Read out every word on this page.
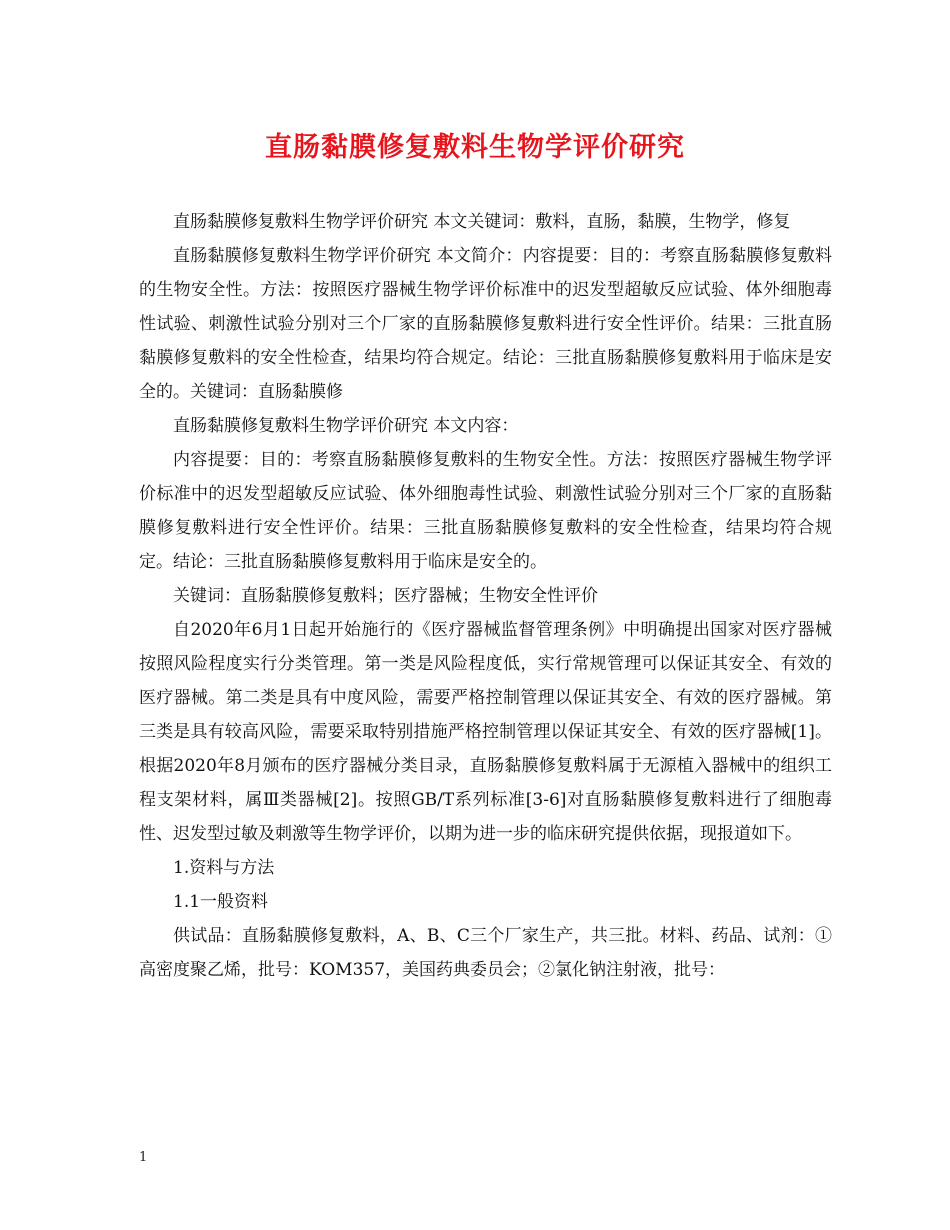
直肠黏膜修复敷料生物学评价研究

直肠黏膜修复敷料生物学评价研究 本文关键词：敷料，直肠，黏膜，生物学，修复

直肠黏膜修复敷料生物学评价研究 本文简介：内容提要：目的：考察直肠黏膜修复敷料的生物安全性。方法：按照医疗器械生物学评价标准中的迟发型超敏反应试验、体外细胞毒性试验、刺激性试验分别对三个厂家的直肠黏膜修复敷料进行安全性评价。结果：三批直肠黏膜修复敷料的安全性检查，结果均符合规定。结论：三批直肠黏膜修复敷料用于临床是安全的。关键词：直肠黏膜修

直肠黏膜修复敷料生物学评价研究 本文内容：

内容提要：目的：考察直肠黏膜修复敷料的生物安全性。方法：按照医疗器械生物学评价标准中的迟发型超敏反应试验、体外细胞毒性试验、刺激性试验分别对三个厂家的直肠黏膜修复敷料进行安全性评价。结果：三批直肠黏膜修复敷料的安全性检查，结果均符合规定。结论：三批直肠黏膜修复敷料用于临床是安全的。

关键词：直肠黏膜修复敷料；医疗器械；生物安全性评价

自2020年6月1日起开始施行的《医疗器械监督管理条例》中明确提出国家对医疗器械按照风险程度实行分类管理。第一类是风险程度低，实行常规管理可以保证其安全、有效的医疗器械。第二类是具有中度风险，需要严格控制管理以保证其安全、有效的医疗器械。第三类是具有较高风险，需要采取特别措施严格控制管理以保证其安全、有效的医疗器械[1]。根据2020年8月颁布的医疗器械分类目录，直肠黏膜修复敷料属于无源植入器械中的组织工程支架材料，属Ⅲ类器械[2]。按照GB/T系列标准[3-6]对直肠黏膜修复敷料进行了细胞毒性、迟发型过敏及刺激等生物学评价，以期为进一步的临床研究提供依据，现报道如下。

1.资料与方法

1.1一般资料

供试品：直肠黏膜修复敷料，A、B、C三个厂家生产，共三批。材料、药品、试剂：①高密度聚乙烯，批号：KOM357，美国药典委员会；②氯化钠注射液，批号：

1
